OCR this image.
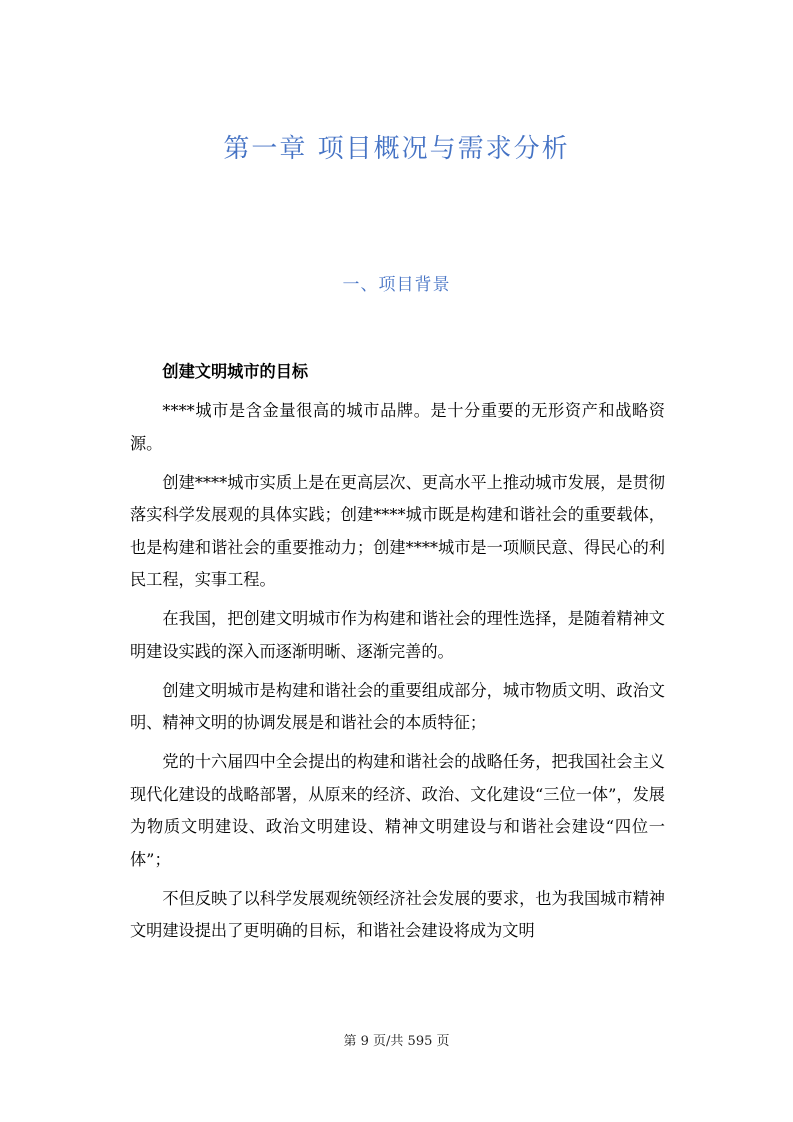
第一章 项目概况与需求分析
一、项目背景

创建文明城市的目标

****城市是含金量很高的城市品牌。是十分重要的无形资产和战略资源。

创建****城市实质上是在更高层次、更高水平上推动城市发展，是贯彻落实科学发展观的具体实践；创建****城市既是构建和谐社会的重要载体，也是构建和谐社会的重要推动力；创建****城市是一项顺民意、得民心的利民工程，实事工程。

在我国，把创建文明城市作为构建和谐社会的理性选择，是随着精神文明建设实践的深入而逐渐明晰、逐渐完善的。

创建文明城市是构建和谐社会的重要组成部分，城市物质文明、政治文明、精神文明的协调发展是和谐社会的本质特征；

党的十六届四中全会提出的构建和谐社会的战略任务，把我国社会主义现代化建设的战略部署，从原来的经济、政治、文化建设“三位一体”，发展为物质文明建设、政治文明建设、精神文明建设与和谐社会建设“四位一体”；

不但反映了以科学发展观统领经济社会发展的要求，也为我国城市精神文明建设提出了更明确的目标，和谐社会建设将成为文明

第 9 页/共 595 页
